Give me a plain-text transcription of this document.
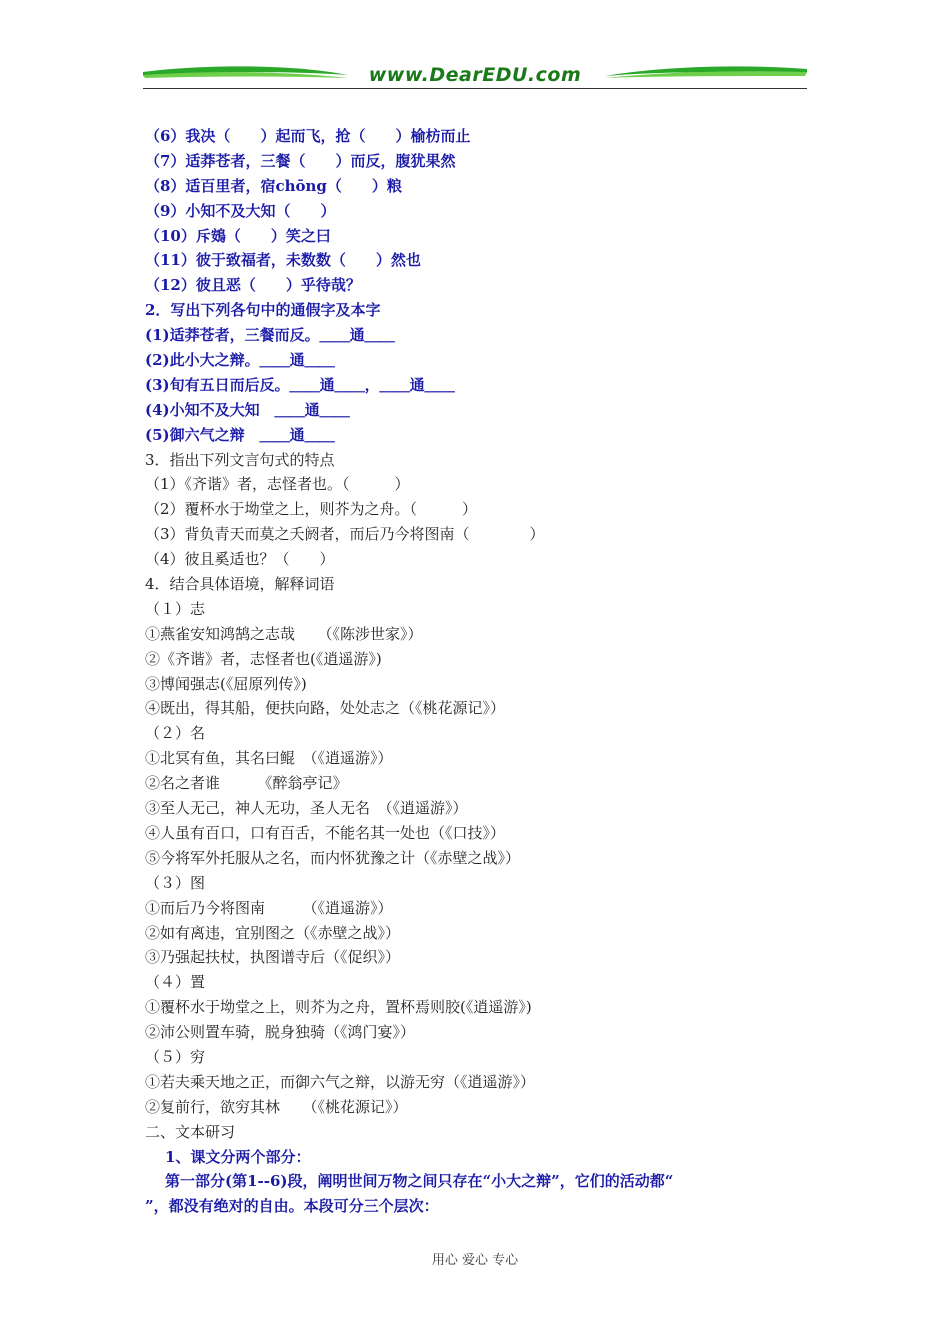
www.DearEDU.com
（6）我决（　　）起而飞，抢（　　）榆枋而止
（7）适莽苍者，三餐（　　）而反，腹犹果然
（8）适百里者，宿chōng（　　）粮
（9）小知不及大知（　　）
（10）斥鴳（　　）笑之曰
（11）彼于致福者，未数数（　　）然也
（12）彼且恶（　　）乎待哉？
2．写出下列各句中的通假字及本字
(1)适莽苍者，三餐而反。＿＿通＿＿
(2)此小大之辩。＿＿通＿＿
(3)旬有五日而后反。＿＿通＿＿，＿＿通＿＿
(4)小知不及大知　＿＿通＿＿
(5)御六气之辩　＿＿通＿＿
3．指出下列文言句式的特点
（1）《齐谐》者，志怪者也。（　　　）
（2）覆杯水于坳堂之上，则芥为之舟。（　　　）
（3）背负青天而莫之夭阏者，而后乃今将图南（　　　　）
（4）彼且奚适也？（　　）
4．结合具体语境，解释词语
（１）志
①燕雀安知鸿鹄之志哉　　（《陈涉世家》）
②《齐谐》者，志怪者也(《逍遥游》)
③博闻强志(《屈原列传》)
④既出，得其船，便扶向路，处处志之（《桃花源记》）
（２）名
①北冥有鱼，其名曰鲲　（《逍遥游》）
②名之者谁　　　《醉翁亭记》
③至人无己，神人无功，圣人无名　（《逍遥游》）
④人虽有百口，口有百舌，不能名其一处也（《口技》）
⑤今将军外托服从之名，而内怀犹豫之计（《赤壁之战》）
（３）图
①而后乃今将图南　　　（《逍遥游》）
②如有离违，宜别图之（《赤壁之战》）
③乃强起扶杖，执图谱寺后（《促织》）
（４）置
①覆杯水于坳堂之上，则芥为之舟，置杯焉则胶(《逍遥游》)
②沛公则置车骑，脱身独骑（《鸿门宴》）
（５）穷
①若夫乘天地之正，而御六气之辩，以游无穷（《逍遥游》）
②复前行，欲穷其林　　（《桃花源记》）
二、文本研习
1、课文分两个部分：
第一部分(第1--6)段，阐明世间万物之间只存在“小大之辩”，它们的活动都“
”，都没有绝对的自由。本段可分三个层次：
用心 爱心 专心
